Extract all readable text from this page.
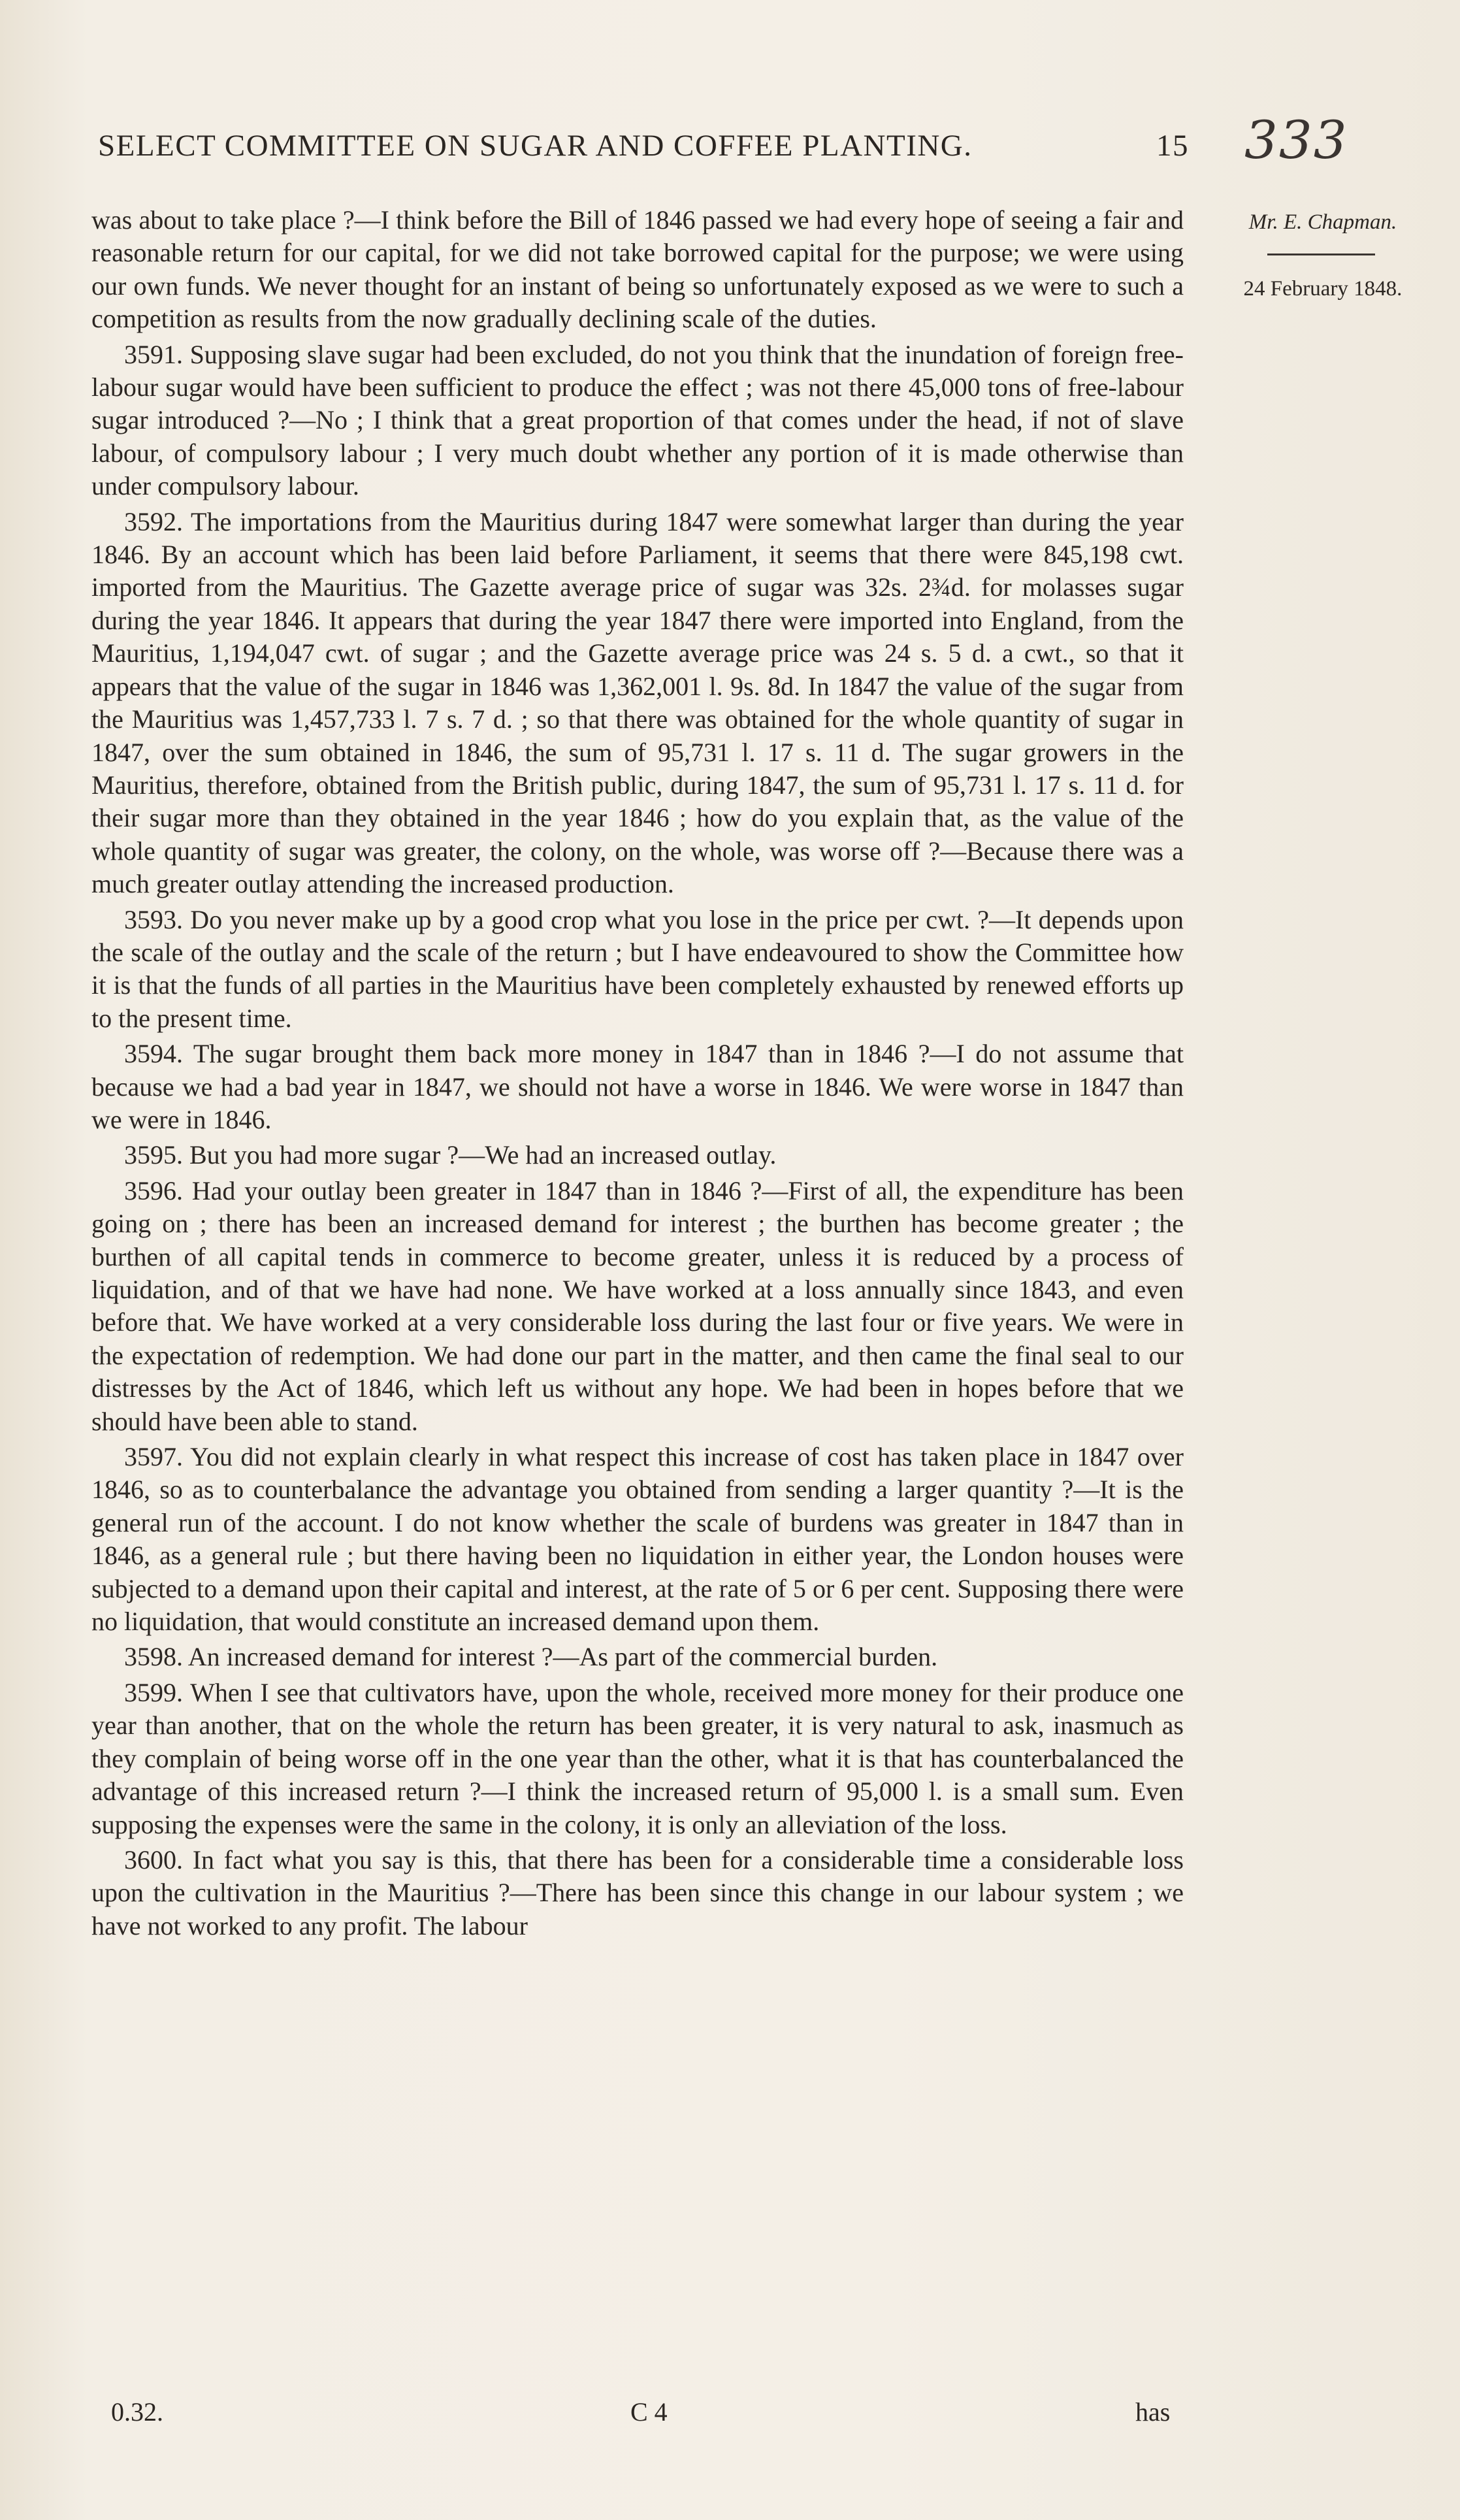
SELECT COMMITTEE ON SUGAR AND COFFEE PLANTING.	15 333
Mr. E. Chapman.
24 February 1848.

was about to take place ?—I think before the Bill of 1846 passed we had every hope of seeing a fair and reasonable return for our capital, for we did not take borrowed capital for the purpose; we were using our own funds. We never thought for an instant of being so unfortunately exposed as we were to such a competition as results from the now gradually declining scale of the duties.

3591. Supposing slave sugar had been excluded, do not you think that the inundation of foreign free-labour sugar would have been sufficient to produce the effect ; was not there 45,000 tons of free-labour sugar introduced ?—No ; I think that a great proportion of that comes under the head, if not of slave labour, of compulsory labour ; I very much doubt whether any portion of it is made otherwise than under compulsory labour.

3592. The importations from the Mauritius during 1847 were somewhat larger than during the year 1846. By an account which has been laid before Parliament, it seems that there were 845,198 cwt. imported from the Mauritius. The Gazette average price of sugar was 32s. 2¾d. for molasses sugar during the year 1846. It appears that during the year 1847 there were imported into England, from the Mauritius, 1,194,047 cwt. of sugar ; and the Gazette average price was 24 s. 5 d. a cwt., so that it appears that the value of the sugar in 1846 was 1,362,001 l. 9s. 8d. In 1847 the value of the sugar from the Mauritius was 1,457,733 l. 7 s. 7 d. ; so that there was obtained for the whole quantity of sugar in 1847, over the sum obtained in 1846, the sum of 95,731 l. 17 s. 11 d. The sugar growers in the Mauritius, therefore, obtained from the British public, during 1847, the sum of 95,731 l. 17 s. 11 d. for their sugar more than they obtained in the year 1846 ; how do you explain that, as the value of the whole quantity of sugar was greater, the colony, on the whole, was worse off ?—Because there was a much greater outlay attending the increased production.

3593. Do you never make up by a good crop what you lose in the price per cwt. ?—It depends upon the scale of the outlay and the scale of the return ; but I have endeavoured to show the Committee how it is that the funds of all parties in the Mauritius have been completely exhausted by renewed efforts up to the present time.

3594. The sugar brought them back more money in 1847 than in 1846 ?—I do not assume that because we had a bad year in 1847, we should not have a worse in 1846. We were worse in 1847 than we were in 1846.

3595. But you had more sugar ?—We had an increased outlay.

3596. Had your outlay been greater in 1847 than in 1846 ?—First of all, the expenditure has been going on ; there has been an increased demand for interest ; the burthen has become greater ; the burthen of all capital tends in commerce to become greater, unless it is reduced by a process of liquidation, and of that we have had none. We have worked at a loss annually since 1843, and even before that. We have worked at a very considerable loss during the last four or five years. We were in the expectation of redemption. We had done our part in the matter, and then came the final seal to our distresses by the Act of 1846, which left us without any hope. We had been in hopes before that we should have been able to stand.

3597. You did not explain clearly in what respect this increase of cost has taken place in 1847 over 1846, so as to counterbalance the advantage you obtained from sending a larger quantity ?—It is the general run of the account. I do not know whether the scale of burdens was greater in 1847 than in 1846, as a general rule ; but there having been no liquidation in either year, the London houses were subjected to a demand upon their capital and interest, at the rate of 5 or 6 per cent. Supposing there were no liquidation, that would constitute an increased demand upon them.

3598. An increased demand for interest ?—As part of the commercial burden.

3599. When I see that cultivators have, upon the whole, received more money for their produce one year than another, that on the whole the return has been greater, it is very natural to ask, inasmuch as they complain of being worse off in the one year than the other, what it is that has counterbalanced the advantage of this increased return ?—I think the increased return of 95,000 l. is a small sum. Even supposing the expenses were the same in the colony, it is only an alleviation of the loss.

3600. In fact what you say is this, that there has been for a considerable time a considerable loss upon the cultivation in the Mauritius ?—There has been since this change in our labour system ; we have not worked to any profit. The labour

0.32.	C 4	has
